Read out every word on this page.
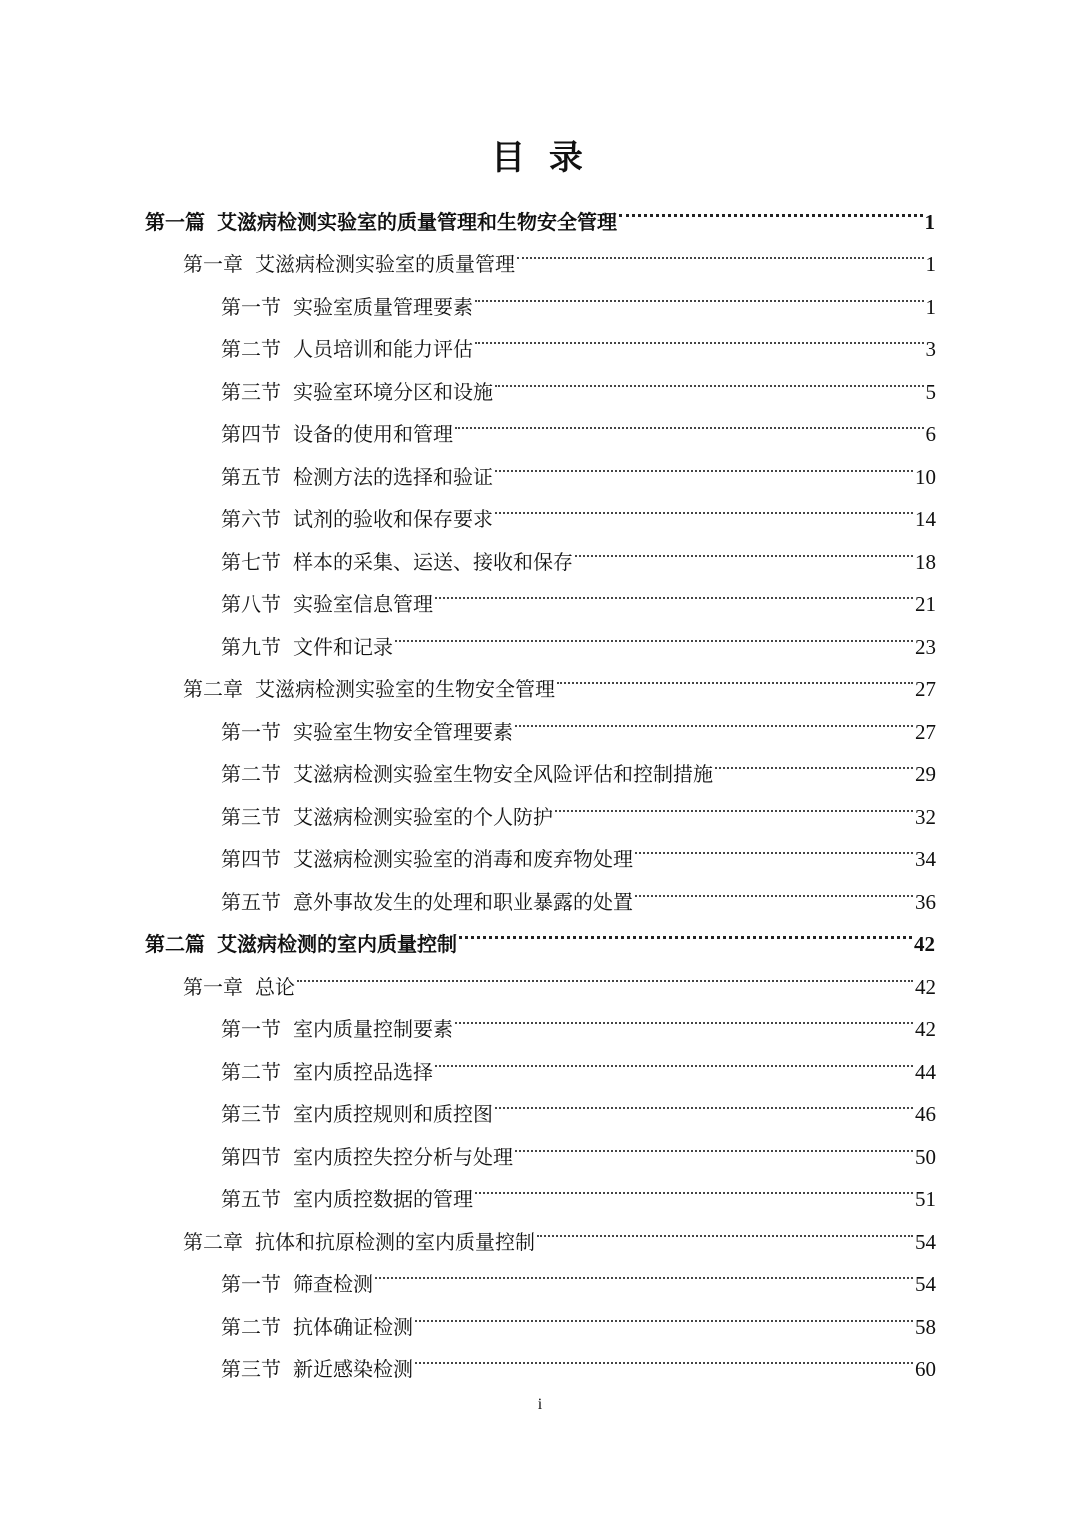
目 录
第一篇 艾滋病检测实验室的质量管理和生物安全管理	1
第一章 艾滋病检测实验室的质量管理	1
第一节 实验室质量管理要素	1
第二节 人员培训和能力评估	3
第三节 实验室环境分区和设施	5
第四节 设备的使用和管理	6
第五节 检测方法的选择和验证	10
第六节 试剂的验收和保存要求	14
第七节 样本的采集、运送、接收和保存	18
第八节 实验室信息管理	21
第九节 文件和记录	23
第二章 艾滋病检测实验室的生物安全管理	27
第一节 实验室生物安全管理要素	27
第二节 艾滋病检测实验室生物安全风险评估和控制措施	29
第三节 艾滋病检测实验室的个人防护	32
第四节 艾滋病检测实验室的消毒和废弃物处理	34
第五节 意外事故发生的处理和职业暴露的处置	36
第二篇 艾滋病检测的室内质量控制	42
第一章 总论	42
第一节 室内质量控制要素	42
第二节 室内质控品选择	44
第三节 室内质控规则和质控图	46
第四节 室内质控失控分析与处理	50
第五节 室内质控数据的管理	51
第二章 抗体和抗原检测的室内质量控制	54
第一节 筛查检测	54
第二节 抗体确证检测	58
第三节 新近感染检测	60
i
